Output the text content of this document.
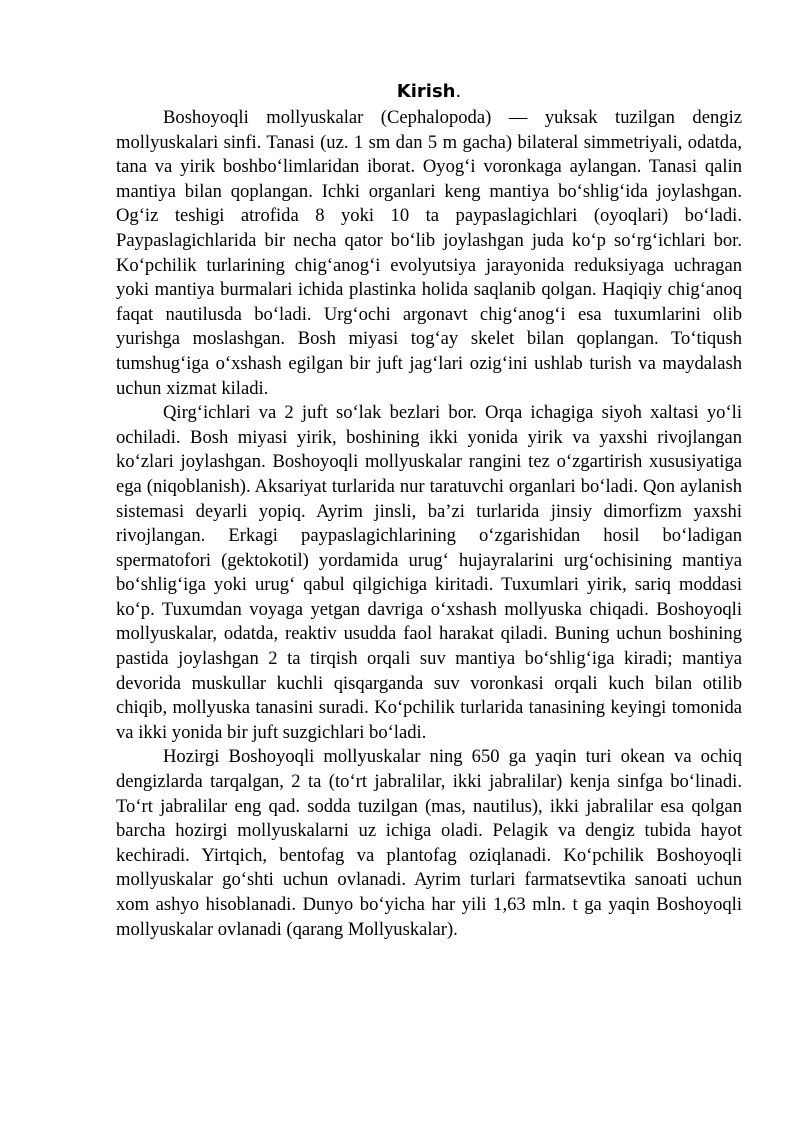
Kirish.

Boshoyoqli mollyuskalar (Cephalopoda) — yuksak tuzilgan dengiz mollyuskalari sinfi. Tanasi (uz. 1 sm dan 5 m gacha) bilateral simmetriyali, odatda, tana va yirik boshboʻlimlaridan iborat. Oyogʻi voronkaga aylangan. Tanasi qalin mantiya bilan qoplangan. Ichki organlari keng mantiya boʻshligʻida joylashgan. Ogʻiz teshigi atrofida 8 yoki 10 ta paypaslagichlari (oyoqlari) boʻladi. Paypaslagichlarida bir necha qator boʻlib joylashgan juda koʻp soʻrgʻichlari bor. Koʻpchilik turlarining chigʻanogʻi evolyutsiya jarayonida reduksiyaga uchragan yoki mantiya burmalari ichida plastinka holida saqlanib qolgan. Haqiqiy chigʻanoq faqat nautilusda boʻladi. Urgʻochi argonavt chigʻanogʻi esa tuxumlarini olib yurishga moslashgan. Bosh miyasi togʻay skelet bilan qoplangan. Toʻtiqush tumshugʻiga oʻxshash egilgan bir juft jagʻlari ozigʻini ushlab turish va maydalash uchun xizmat kiladi.

Qirgʻichlari va 2 juft soʻlak bezlari bor. Orqa ichagiga siyoh xaltasi yoʻli ochiladi. Bosh miyasi yirik, boshining ikki yonida yirik va yaxshi rivojlangan koʻzlari joylashgan. Boshoyoqli mollyuskalar rangini tez oʻzgartirish xususiyatiga ega (niqoblanish). Aksariyat turlarida nur taratuvchi organlari boʻladi. Qon aylanish sistemasi deyarli yopiq. Ayrim jinsli, baʼzi turlarida jinsiy dimorfizm yaxshi rivojlangan. Erkagi paypaslagichlarining oʻzgarishidan hosil boʻladigan spermatofori (gektokotil) yordamida urugʻ hujayralarini urgʻochisining mantiya boʻshligʻiga yoki urugʻ qabul qilgichiga kiritadi. Tuxumlari yirik, sariq moddasi koʻp. Tuxumdan voyaga yetgan davriga oʻxshash mollyuska chiqadi. Boshoyoqli mollyuskalar, odatda, reaktiv usudda faol harakat qiladi. Buning uchun boshining pastida joylashgan 2 ta tirqish orqali suv mantiya boʻshligʻiga kiradi; mantiya devorida muskullar kuchli qisqarganda suv voronkasi orqali kuch bilan otilib chiqib, mollyuska tanasini suradi. Koʻpchilik turlarida tanasining keyingi tomonida va ikki yonida bir juft suzgichlari boʻladi.

Hozirgi Boshoyoqli mollyuskalar ning 650 ga yaqin turi okean va ochiq dengizlarda tarqalgan, 2 ta (toʻrt jabralilar, ikki jabralilar) kenja sinfga boʻlinadi. Toʻrt jabralilar eng qad. sodda tuzilgan (mas, nautilus), ikki jabralilar esa qolgan barcha hozirgi mollyuskalarni uz ichiga oladi. Pelagik va dengiz tubida hayot kechiradi. Yirtqich, bentofag va plantofag oziqlanadi. Koʻpchilik Boshoyoqli mollyuskalar goʻshti uchun ovlanadi. Ayrim turlari farmatsevtika sanoati uchun xom ashyo hisoblanadi. Dunyo boʻyicha har yili 1,63 mln. t ga yaqin Boshoyoqli mollyuskalar ovlanadi (qarang Mollyuskalar).
